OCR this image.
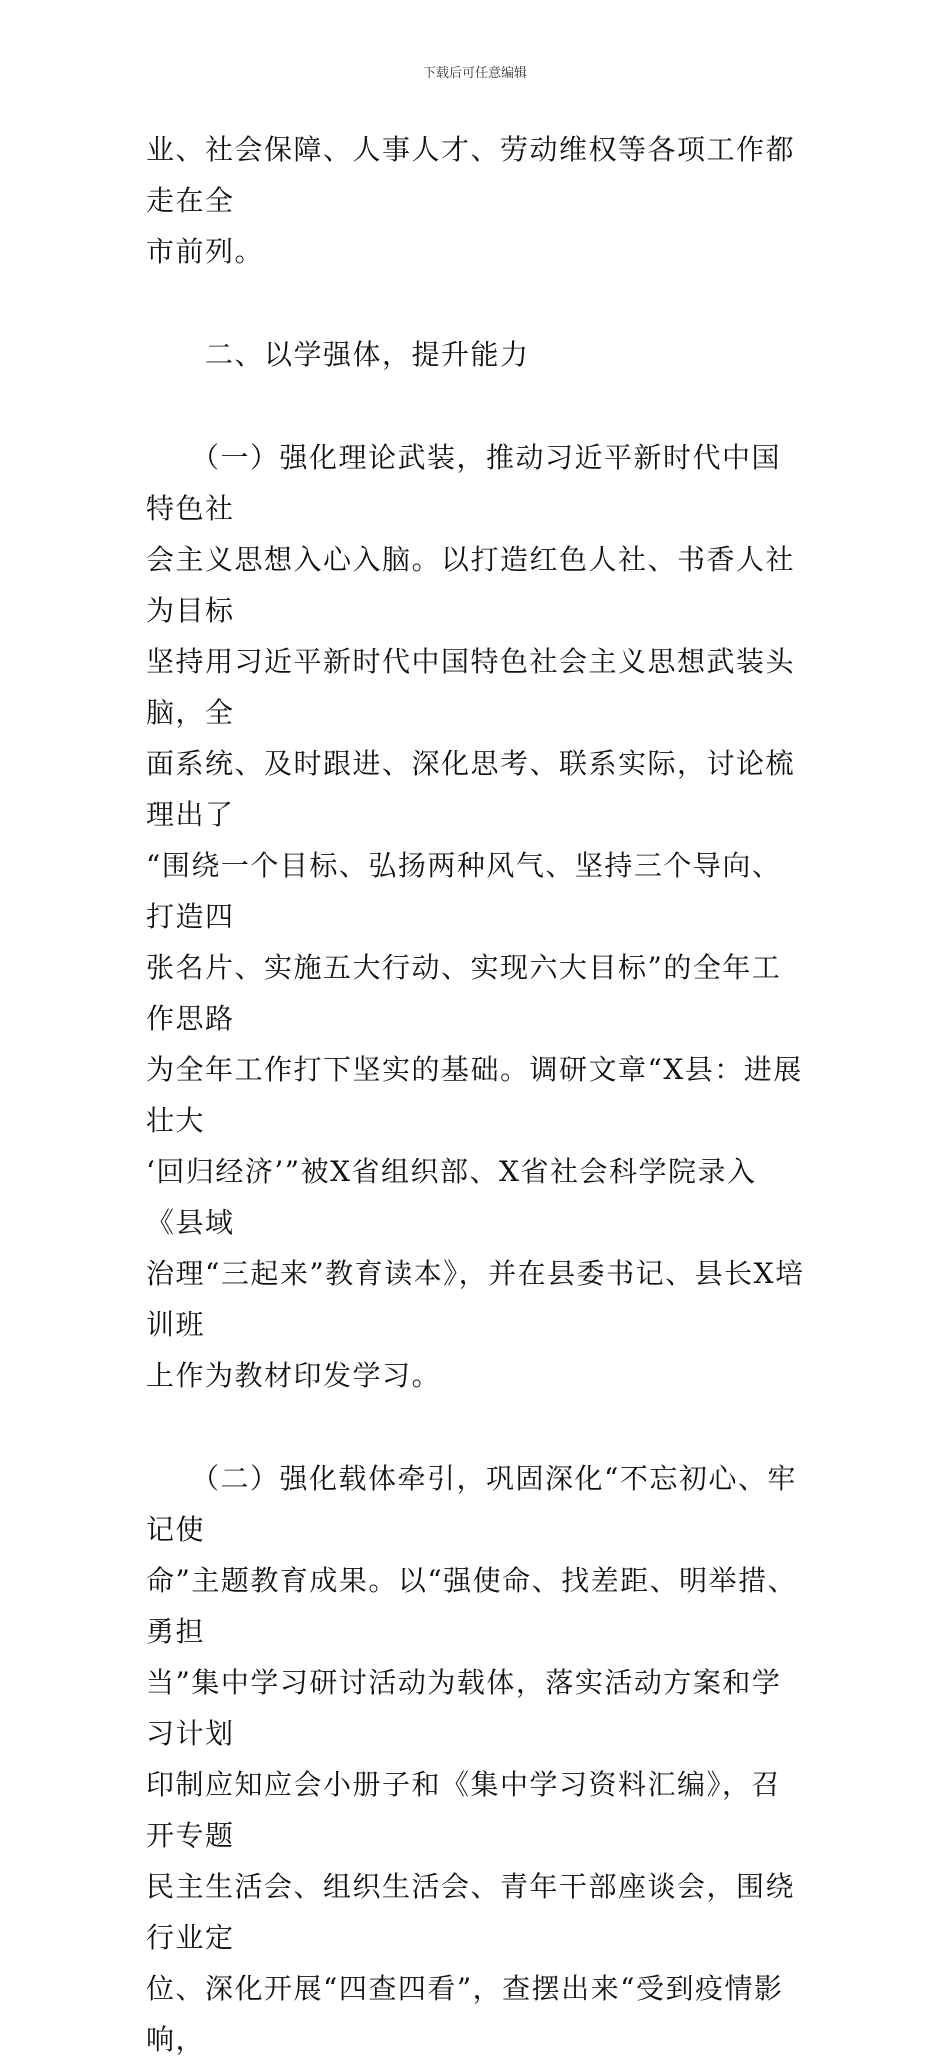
下载后可任意编辑
业、社会保障、人事人才、劳动维权等各项工作都走在全
市前列。
　　二、以学强体，提升能力
　　（一）强化理论武装，推动习近平新时代中国特色社
会主义思想入心入脑。以打造红色人社、书香人社为目标
坚持用习近平新时代中国特色社会主义思想武装头脑，全
面系统、及时跟进、深化思考、联系实际，讨论梳理出了
“围绕一个目标、弘扬两种风气、坚持三个导向、打造四
张名片、实施五大行动、实现六大目标”的全年工作思路
为全年工作打下坚实的基础。调研文章“X县：进展壮大
‘回归经济’”被X省组织部、X省社会科学院录入《县域
治理“三起来”教育读本》，并在县委书记、县长X培训班
上作为教材印发学习。
　　（二）强化载体牵引，巩固深化“不忘初心、牢记使
命”主题教育成果。以“强使命、找差距、明举措、勇担
当”集中学习研讨活动为载体，落实活动方案和学习计划
印制应知应会小册子和《集中学习资料汇编》，召开专题
民主生活会、组织生活会、青年干部座谈会，围绕行业定
位、深化开展“四查四看”，查摆出来“受到疫情影响，
